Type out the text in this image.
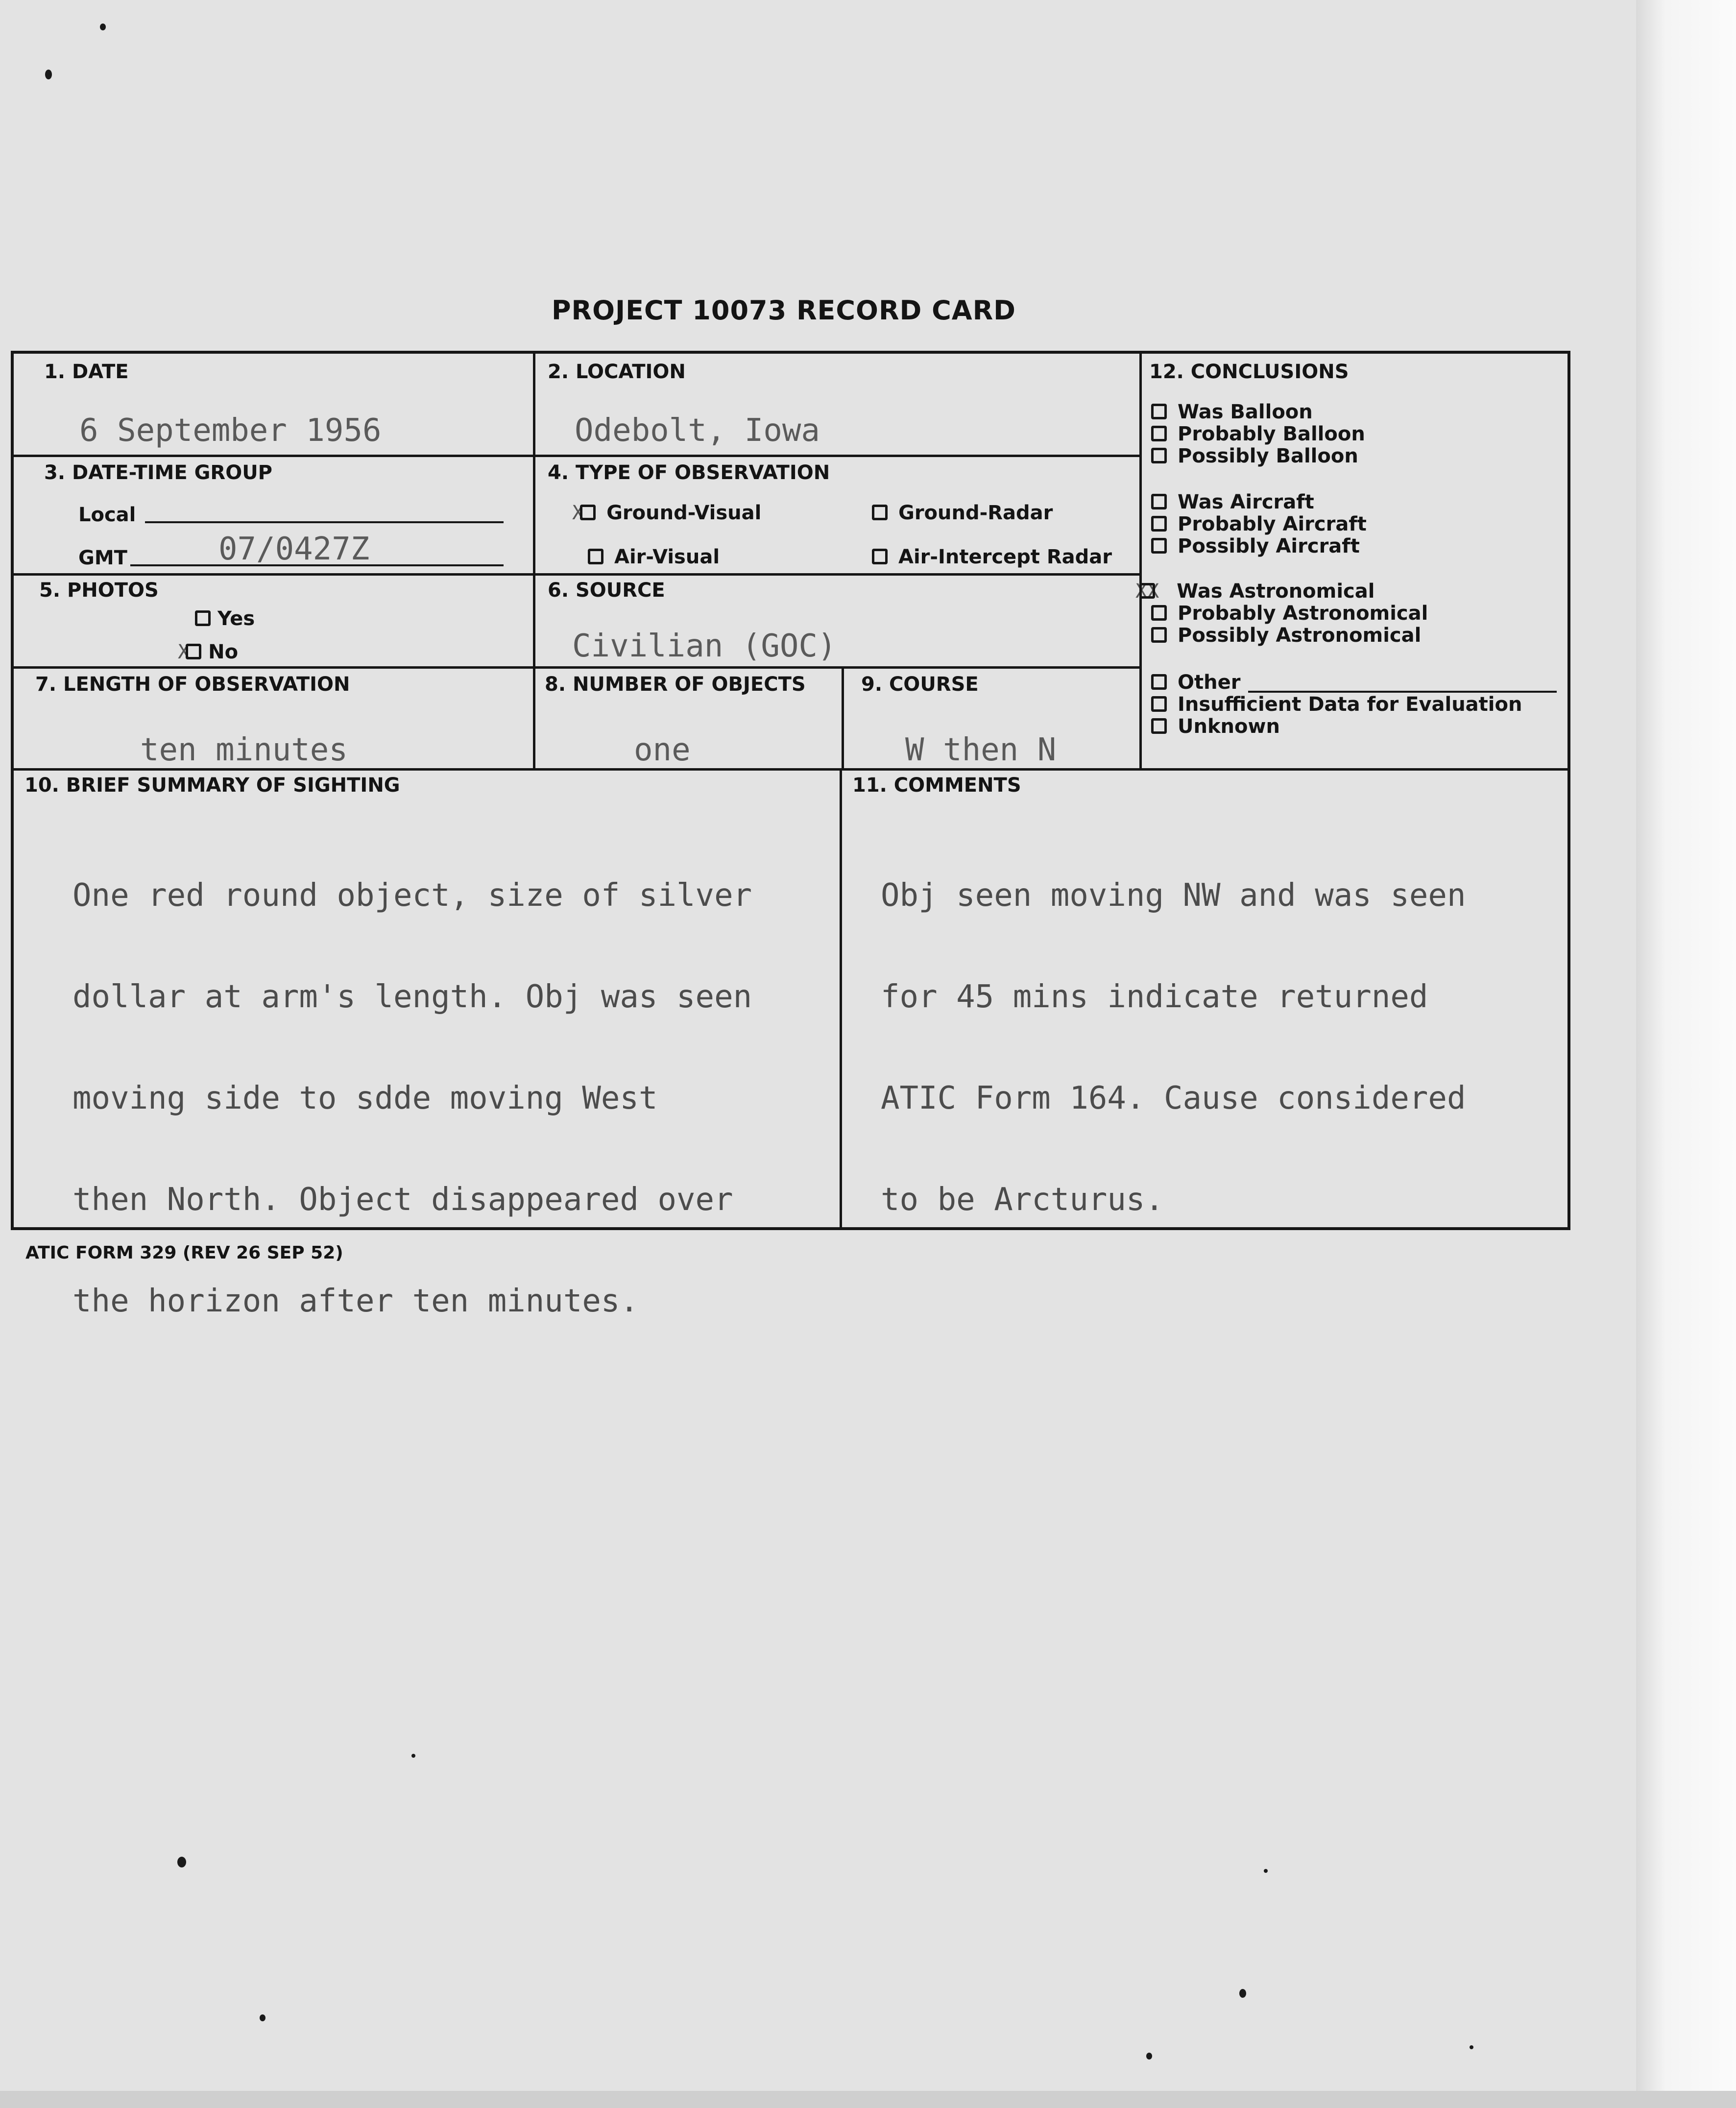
PROJECT 10073 RECORD CARD
1. DATE
6 September 1956
2. LOCATION
Odebolt, Iowa
3. DATE-TIME GROUP
Local
GMT	07/0427Z
4. TYPE OF OBSERVATION
X Ground-Visual	Ground-Radar
Air-Visual	Air-Intercept Radar
5. PHOTOS
Yes
X No
6. SOURCE
Civilian (GOC)
7. LENGTH OF OBSERVATION
ten minutes
8. NUMBER OF OBJECTS
one
9. COURSE
W then N
10. BRIEF SUMMARY OF SIGHTING

One red round object, size of silver

dollar at arm's length. Obj was seen

moving side to sdde moving West

then North. Object disappeared over

the horizon after ten minutes.

11. COMMENTS

Obj seen moving NW and was seen

for 45 mins indicate returned

ATIC Form 164. Cause considered

to be Arcturus.

12. CONCLUSIONS
Was Balloon
Probably Balloon
Possibly Balloon
Was Aircraft
Probably Aircraft
Possibly Aircraft
XX Was Astronomical
Probably Astronomical
Possibly Astronomical
Other
Insufficient Data for Evaluation
Unknown
ATIC FORM 329 (REV 26 SEP 52)
